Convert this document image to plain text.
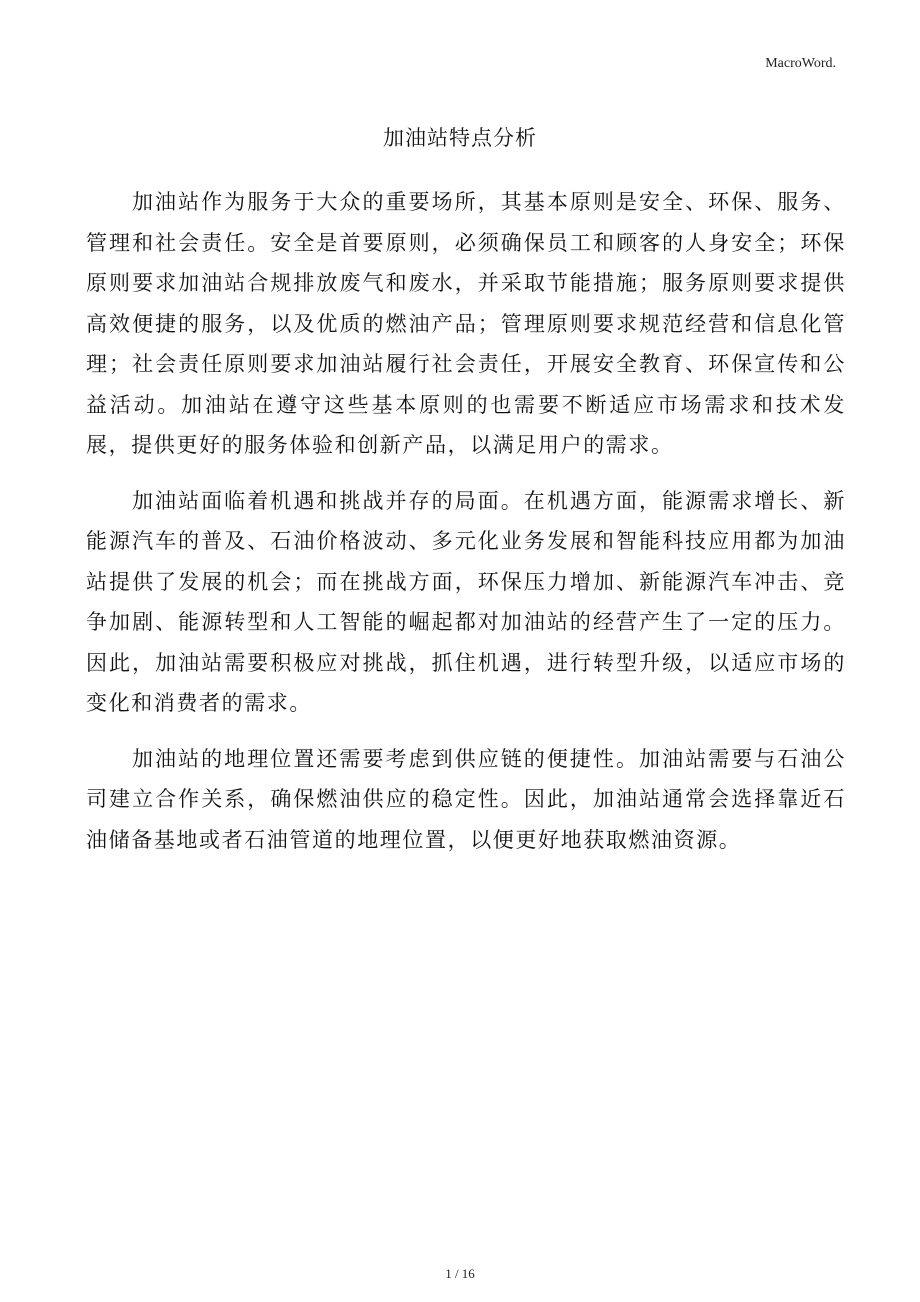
MacroWord.
加油站特点分析

加油站作为服务于大众的重要场所，其基本原则是安全、环保、服务、管理和社会责任。安全是首要原则，必须确保员工和顾客的人身安全；环保原则要求加油站合规排放废气和废水，并采取节能措施；服务原则要求提供高效便捷的服务，以及优质的燃油产品；管理原则要求规范经营和信息化管理；社会责任原则要求加油站履行社会责任，开展安全教育、环保宣传和公益活动。加油站在遵守这些基本原则的也需要不断适应市场需求和技术发展，提供更好的服务体验和创新产品，以满足用户的需求。

加油站面临着机遇和挑战并存的局面。在机遇方面，能源需求增长、新能源汽车的普及、石油价格波动、多元化业务发展和智能科技应用都为加油站提供了发展的机会；而在挑战方面，环保压力增加、新能源汽车冲击、竞争加剧、能源转型和人工智能的崛起都对加油站的经营产生了一定的压力。因此，加油站需要积极应对挑战，抓住机遇，进行转型升级，以适应市场的变化和消费者的需求。

加油站的地理位置还需要考虑到供应链的便捷性。加油站需要与石油公司建立合作关系，确保燃油供应的稳定性。因此，加油站通常会选择靠近石油储备基地或者石油管道的地理位置，以便更好地获取燃油资源。

1 / 16
